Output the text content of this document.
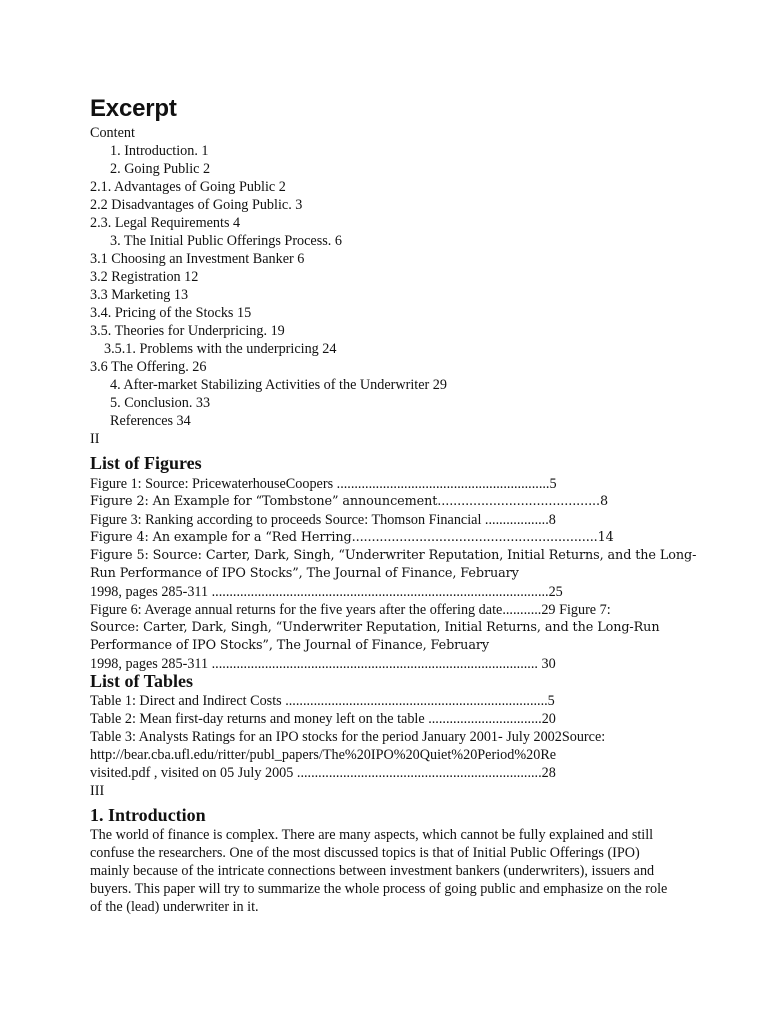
Excerpt

Content

1. Introduction. 1

2. Going Public 2

2.1. Advantages of Going Public 2

2.2 Disadvantages of Going Public. 3

2.3. Legal Requirements 4

3. The Initial Public Offerings Process. 6

3.1 Choosing an Investment Banker 6

3.2 Registration 12

3.3 Marketing 13

3.4. Pricing of the Stocks 15

3.5. Theories for Underpricing. 19

3.5.1. Problems with the underpricing 24

3.6 The Offering. 26

4. After-market Stabilizing Activities of the Underwriter 29

5. Conclusion. 33

References 34

II

List of Figures

Figure 1: Source: PricewaterhouseCoopers ............................................................5

Figure 2: An Example for “Tombstone” announcement.........................................8

Figure 3: Ranking according to proceeds Source: Thomson Financial ..................8

Figure 4: An example for a “Red Herring..............................................................14

Figure 5: Source: Carter, Dark, Singh, “Underwriter Reputation, Initial Returns, and the Long-

Run Performance of IPO Stocks”, The Journal of Finance, February

1998, pages 285-311 ...............................................................................................25

Figure 6: Average annual returns for the five years after the offering date...........29 Figure 7:

Source: Carter, Dark, Singh, “Underwriter Reputation, Initial Returns, and the Long-Run

Performance of IPO Stocks”, The Journal of Finance, February

1998, pages 285-311 ............................................................................................ 30

List of Tables

Table 1: Direct and Indirect Costs ..........................................................................5

Table 2: Mean first-day returns and money left on the table ................................20

Table 3: Analysts Ratings for an IPO stocks for the period January 2001- July 2002Source:

http://bear.cba.ufl.edu/ritter/publ_papers/The%20IPO%20Quiet%20Period%20Re

visited.pdf , visited on 05 July 2005 .....................................................................28

III

1. Introduction

The world of finance is complex. There are many aspects, which cannot be fully explained and still confuse the researchers. One of the most discussed topics is that of Initial Public Offerings (IPO) mainly because of the intricate connections between investment bankers (underwriters), issuers and buyers. This paper will try to summarize the whole process of going public and emphasize on the role of the (lead) underwriter in it.
